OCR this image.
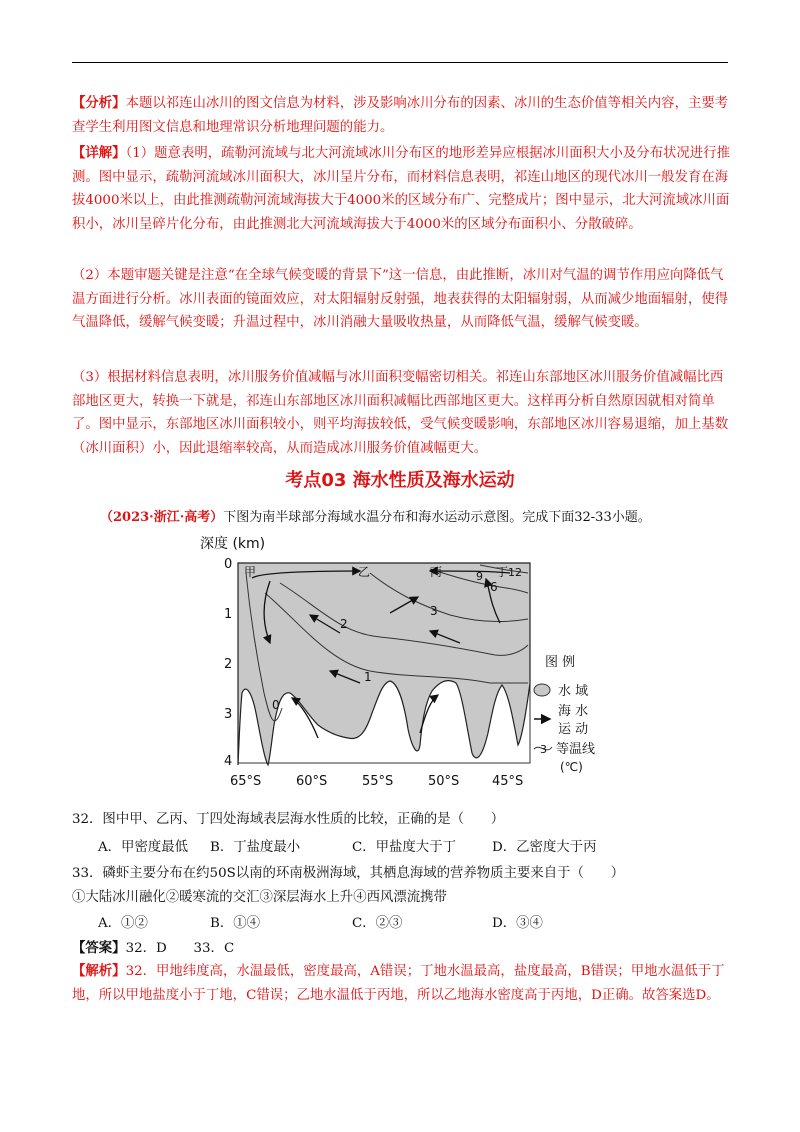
【分析】本题以祁连山冰川的图文信息为材料，涉及影响冰川分布的因素、冰川的生态价值等相关内容，主要考查学生利用图文信息和地理常识分析地理问题的能力。

【详解】（1）题意表明，疏勒河流域与北大河流域冰川分布区的地形差异应根据冰川面积大小及分布状况进行推测。图中显示，疏勒河流域冰川面积大，冰川呈片分布，而材料信息表明，祁连山地区的现代冰川一般发育在海拔4000米以上，由此推测疏勒河流域海拔大于4000米的区域分布广、完整成片；图中显示，北大河流域冰川面积小，冰川呈碎片化分布，由此推测北大河流域海拔大于4000米的区域分布面积小、分散破碎。

（2）本题审题关键是注意“在全球气候变暖的背景下”这一信息，由此推断，冰川对气温的调节作用应向降低气温方面进行分析。冰川表面的镜面效应，对太阳辐射反射强，地表获得的太阳辐射弱，从而减少地面辐射，使得气温降低，缓解气候变暖；升温过程中，冰川消融大量吸收热量，从而降低气温，缓解气候变暖。

（3）根据材料信息表明，冰川服务价值减幅与冰川面积变幅密切相关。祁连山东部地区冰川服务价值减幅比西部地区更大，转换一下就是，祁连山东部地区冰川面积减幅比西部地区更大。这样再分析自然原因就相对简单了。图中显示，东部地区冰川面积较小，则平均海拔较低，受气候变暖影响，东部地区冰川容易退缩，加上基数（冰川面积）小，因此退缩率较高，从而造成冰川服务价值减幅更大。

考点03 海水性质及海水运动
（2023·浙江·高考）下图为南半球部分海域水温分布和海水运动示意图。完成下面32-33小题。
深度 (km)
甲	乙	丙	丁
0
1
2
3
6
9 12
0
1
2
3
4
65°S	60°S	55°S	50°S	45°S
图 例
水 域
海 水
运 动
3 等温线
(℃)
32．图中甲、乙丙、丁四处海域表层海水性质的比较，正确的是（　　）
A．甲密度最低 B．丁盐度最小	C．甲盐度大于丁	D．乙密度大于丙
33．磷虾主要分布在约50S以南的环南极洲海域，其栖息海域的营养物质主要来自于（　　）
①大陆冰川融化②暖寒流的交汇③深层海水上升④西风漂流携带
A．①②	B．①④	C．②③	D．③④
【答案】32．D　　33．C

【解析】32．甲地纬度高，水温最低，密度最高，A错误；丁地水温最高，盐度最高，B错误；甲地水温低于丁地，所以甲地盐度小于丁地，C错误；乙地水温低于丙地，所以乙地海水密度高于丙地，D正确。故答案选D。
